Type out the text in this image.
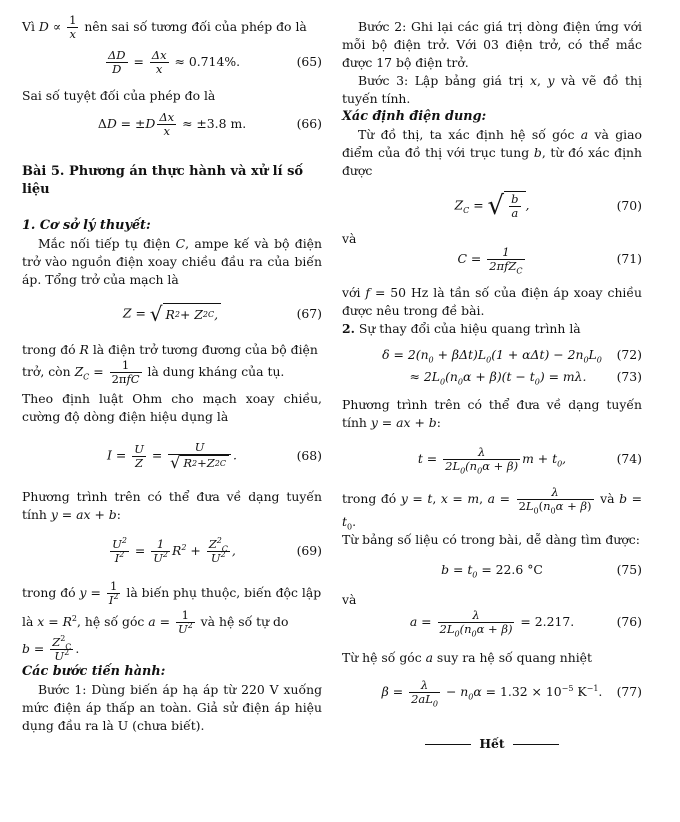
Vì $D \propto \frac{1}{x}$ nên sai số tương đối của phép đo là

$\frac{\Delta D}{D} = \frac{\Delta x}{x} \approx 0.714\%$.	(65)

Sai số tuyệt đối của phép đo là

$\Delta D = \pm D \frac{\Delta x}{x} \approx \pm 3.8$ m.	(66)
Bài 5. Phương án thực hành và xử lí số liệu
1. Cơ sở lý thuyết:

Mắc nối tiếp tụ điện C, ampe kế và bộ điện trở vào nguồn điện xoay chiều đầu ra của biến áp. Tổng trở của mạch là

Z = √ R 2 + Z 2 C ,	(67)

trong đó R là điện trở tương đương của bộ điện

trở, còn $Z_C = \frac{1}{\text{2πfC}}$ là dung kháng của tụ.

Theo định luật Ohm cho mạch xoay chiều, cường độ dòng điện hiệu dụng là

$I = \frac{U}{Z} = \frac{U}{√ R 2 + Z 2 C}$ .	(68)

Phương trình trên có thể đưa về dạng tuyến tính y = ax + b:

$\frac{U^2}{I^2} = \frac{1}{U^2} R^2 + \frac{Z^2_C}{U^2}$ ,	(69)

trong đó $y = \frac{1}{I^2}$ là biến phụ thuộc, biến độc lập

là $x = R^2$, hệ số góc $a = \frac{1}{U^2}$ và hệ số tự do

$b = \frac{Z^2_C}{U^2}$ .

Các bước tiến hành:

Bước 1: Dùng biến áp hạ áp từ 220 V xuống mức điện áp thấp an toàn. Giả sử điện áp hiệu dụng đầu ra là U (chưa biết).

Bước 2: Ghi lại các giá trị dòng điện ứng với mỗi bộ điện trở. Với 03 điện trở, có thể mắc được 17 bộ điện trở.

Bước 3: Lập bảng giá trị x, y và vẽ đồ thị tuyến tính.

Xác định điện dung:

Từ đồ thị, ta xác định hệ số góc a và giao điểm của đồ thị với trục tung b, từ đó xác định được

$Z_C$ = √ $\frac{b}{a}$ ,	(70)

và

$C = \frac{1}{2\pi fZ_C}$	(71)

với f = 50 Hz là tần số của điện áp xoay chiều được nêu trong đề bài.

2. Sự thay đổi của hiệu quang trình là

$\delta = 2(n_0 + \beta\Delta t)L_0(1 + \alpha\Delta t) - 2n_0L_0$ (72)
≈ $2L_0(n_0\alpha + \beta)(t - t_0) = m\lambda$. (73)

Phương trình trên có thể đưa về dạng tuyến tính y = ax + b:

$t = \frac{\lambda}{2L_0(n_0\alpha + \beta)}$ $m + t_0$,	(74)

trong đó y = t, x = m, $a = \frac{\lambda}{2L_0(n_0\alpha + \beta)}$ và $b = t_0$.

Từ bảng số liệu có trong bài, dễ dàng tìm được:

$b = t_0 = 22.6$ °C	(75)

và

$a = \frac{\lambda}{2L_0(n_0\alpha + \beta)} = 2.217$.	(76)

Từ hệ số góc a suy ra hệ số quang nhiệt

$\beta = \frac{\lambda}{2aL_0} - n_0\alpha = 1.32 \times 10^{-5}$ $K^{-1}$. (77)
Hết
